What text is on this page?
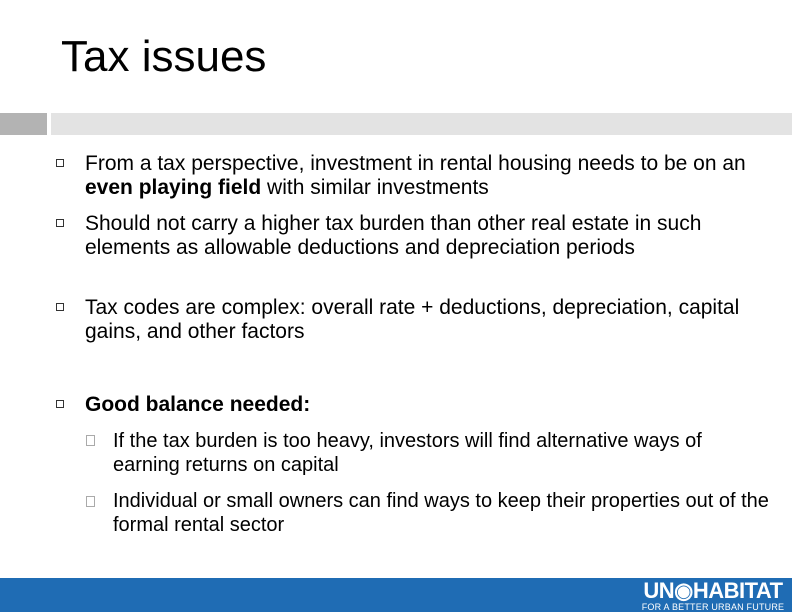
Tax issues
From a tax perspective, investment in rental housing needs to be on an even playing field with similar investments
Should not carry a higher tax burden than other real estate in such elements as allowable deductions and depreciation periods
Tax codes are complex: overall rate + deductions, depreciation, capital gains, and other factors
Good balance needed:
If the tax burden is too heavy, investors will find alternative ways of earning returns on capital
Individual or small owners can find ways to keep their properties out of the formal rental sector
UN◉HABITAT
FOR A BETTER URBAN FUTURE
